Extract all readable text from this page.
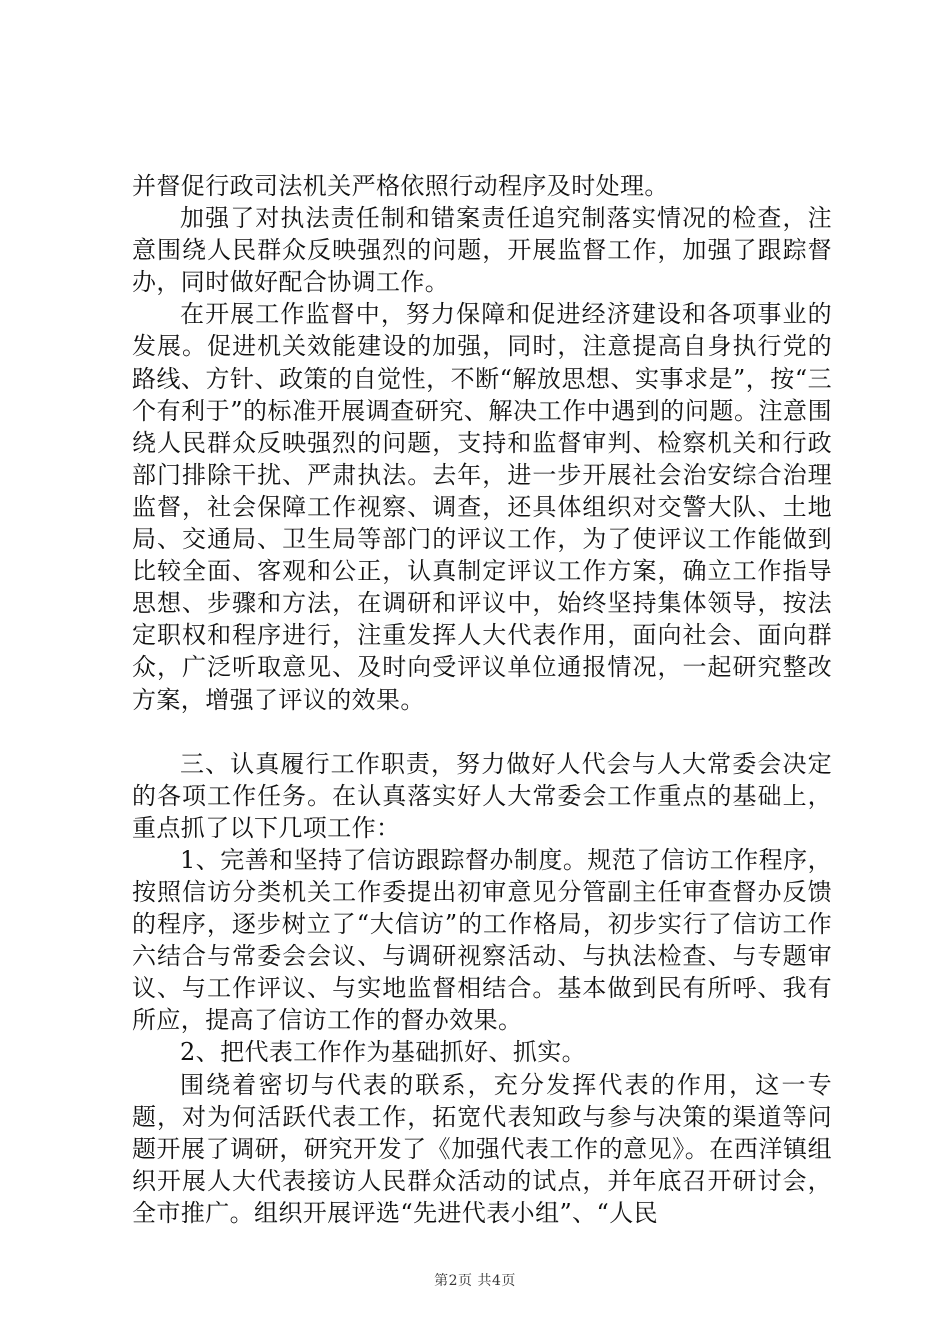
并督促行政司法机关严格依照行动程序及时处理。

加强了对执法责任制和错案责任追究制落实情况的检查，注意围绕人民群众反映强烈的问题，开展监督工作，加强了跟踪督办，同时做好配合协调工作。

在开展工作监督中，努力保障和促进经济建设和各项事业的发展。促进机关效能建设的加强，同时，注意提高自身执行党的路线、方针、政策的自觉性，不断“解放思想、实事求是”，按“三个有利于”的标准开展调查研究、解决工作中遇到的问题。注意围绕人民群众反映强烈的问题，支持和监督审判、检察机关和行政部门排除干扰、严肃执法。去年，进一步开展社会治安综合治理监督，社会保障工作视察、调查，还具体组织对交警大队、土地局、交通局、卫生局等部门的评议工作，为了使评议工作能做到比较全面、客观和公正，认真制定评议工作方案，确立工作指导思想、步骤和方法，在调研和评议中，始终坚持集体领导，按法定职权和程序进行，注重发挥人大代表作用，面向社会、面向群众，广泛听取意见、及时向受评议单位通报情况，一起研究整改方案，增强了评议的效果。

三、认真履行工作职责，努力做好人代会与人大常委会决定的各项工作任务。在认真落实好人大常委会工作重点的基础上，重点抓了以下几项工作：

1、完善和坚持了信访跟踪督办制度。规范了信访工作程序，按照信访分类机关工作委提出初审意见分管副主任审查督办反馈的程序，逐步树立了“大信访”的工作格局，初步实行了信访工作六结合与常委会会议、与调研视察活动、与执法检查、与专题审议、与工作评议、与实地监督相结合。基本做到民有所呼、我有所应，提高了信访工作的督办效果。

2、把代表工作作为基础抓好、抓实。

围绕着密切与代表的联系，充分发挥代表的作用，这一专题，对为何活跃代表工作，拓宽代表知政与参与决策的渠道等问题开展了调研，研究开发了《加强代表工作的意见》。在西洋镇组织开展人大代表接访人民群众活动的试点，并年底召开研讨会，全市推广。组织开展评选“先进代表小组”、“人民

第2页 共4页
